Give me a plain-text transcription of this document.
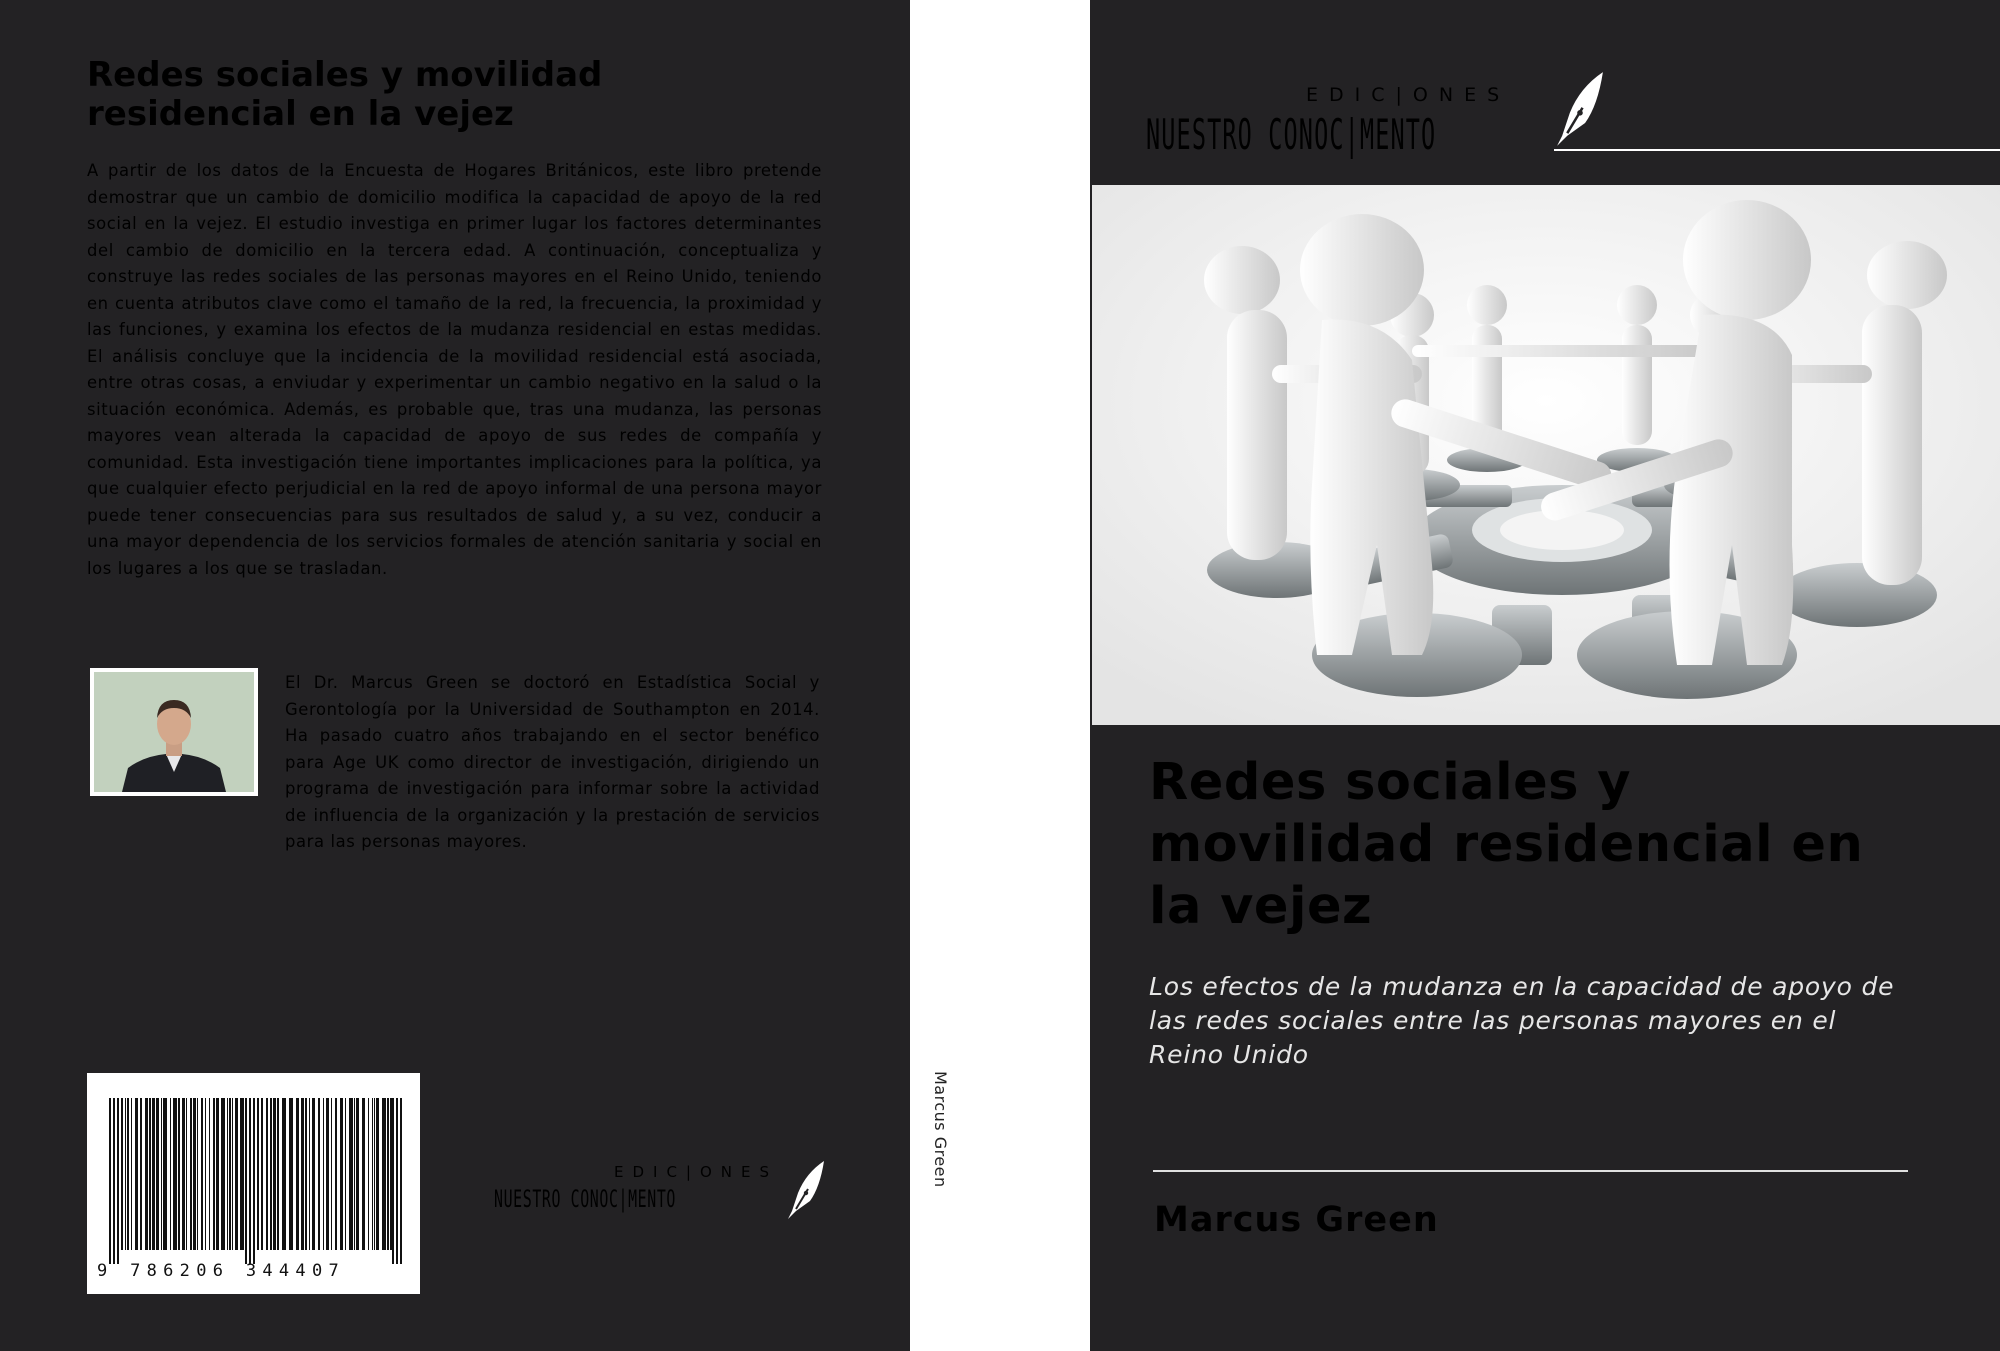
Redes sociales y movilidad
residencial en la vejez

A partir de los datos de la Encuesta de Hogares Británicos, este libro pretende demostrar que un cambio de domicilio modifica la capacidad de apoyo de la red social en la vejez. El estudio investiga en primer lugar los factores determinantes del cambio de domicilio en la tercera edad. A continuación, conceptualiza y construye las redes sociales de las personas mayores en el Reino Unido, teniendo en cuenta atributos clave como el tamaño de la red, la frecuencia, la proximidad y las funciones, y examina los efectos de la mudanza residencial en estas medidas. El análisis concluye que la incidencia de la movilidad residencial está asociada, entre otras cosas, a enviudar y experimentar un cambio negativo en la salud o la situación económica. Además, es probable que, tras una mudanza, las personas mayores vean alterada la capacidad de apoyo de sus redes de compañía y comunidad. Esta investigación tiene importantes implicaciones para la política, ya que cualquier efecto perjudicial en la red de apoyo informal de una persona mayor puede tener consecuencias para sus resultados de salud y, a su vez, conducir a una mayor dependencia de los servicios formales de atención sanitaria y social en los lugares a los que se trasladan.

El Dr. Marcus Green se doctoró en Estadística Social y Gerontología por la Universidad de Southampton en 2014. Ha pasado cuatro años trabajando en el sector benéfico para Age UK como director de investigación, dirigiendo un programa de investigación para informar sobre la actividad de influencia de la organización y la prestación de servicios para las personas mayores.

9 786206 344407
EDIC|ONES
NUESTRO CONOC|MENTO
Marcus Green
EDIC|ONES
NUESTRO CONOC|MENTO
Redes sociales y
movilidad residencial en
la vejez

Los efectos de la mudanza en la capacidad de apoyo de
las redes sociales entre las personas mayores en el
Reino Unido

Marcus Green
